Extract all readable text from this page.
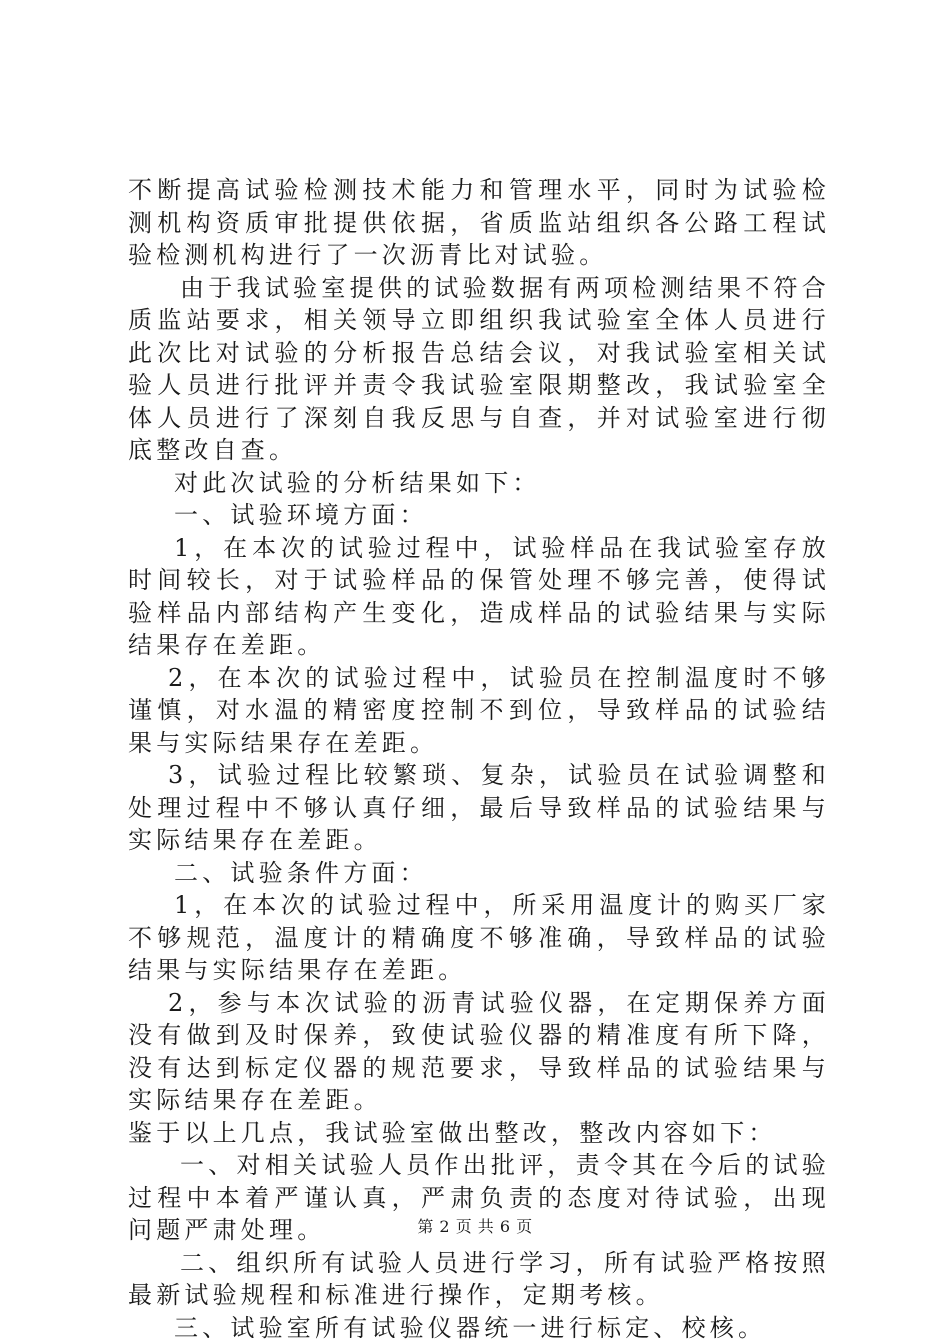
不断提高试验检测技术能力和管理水平，同时为试验检测机构资质审批提供依据，省质监站组织各公路工程试验检测机构进行了一次沥青比对试验。

由于我试验室提供的试验数据有两项检测结果不符合质监站要求，相关领导立即组织我试验室全体人员进行此次比对试验的分析报告总结会议，对我试验室相关试验人员进行批评并责令我试验室限期整改，我试验室全体人员进行了深刻自我反思与自查，并对试验室进行彻底整改自查。

对此次试验的分析结果如下：

一、试验环境方面：

1，在本次的试验过程中，试验样品在我试验室存放时间较长，对于试验样品的保管处理不够完善，使得试验样品内部结构产生变化，造成样品的试验结果与实际结果存在差距。

2，在本次的试验过程中，试验员在控制温度时不够谨慎，对水温的精密度控制不到位，导致样品的试验结果与实际结果存在差距。

3，试验过程比较繁琐、复杂，试验员在试验调整和处理过程中不够认真仔细，最后导致样品的试验结果与实际结果存在差距。

二、试验条件方面：

1，在本次的试验过程中，所采用温度计的购买厂家不够规范，温度计的精确度不够准确，导致样品的试验结果与实际结果存在差距。

2，参与本次试验的沥青试验仪器，在定期保养方面没有做到及时保养，致使试验仪器的精准度有所下降，没有达到标定仪器的规范要求，导致样品的试验结果与实际结果存在差距。

鉴于以上几点，我试验室做出整改，整改内容如下：

一、对相关试验人员作出批评，责令其在今后的试验过程中本着严谨认真，严肃负责的态度对待试验，出现问题严肃处理。

二、组织所有试验人员进行学习，所有试验严格按照最新试验规程和标准进行操作，定期考核。

三、试验室所有试验仪器统一进行标定、校核。

第 2 页 共 6 页
